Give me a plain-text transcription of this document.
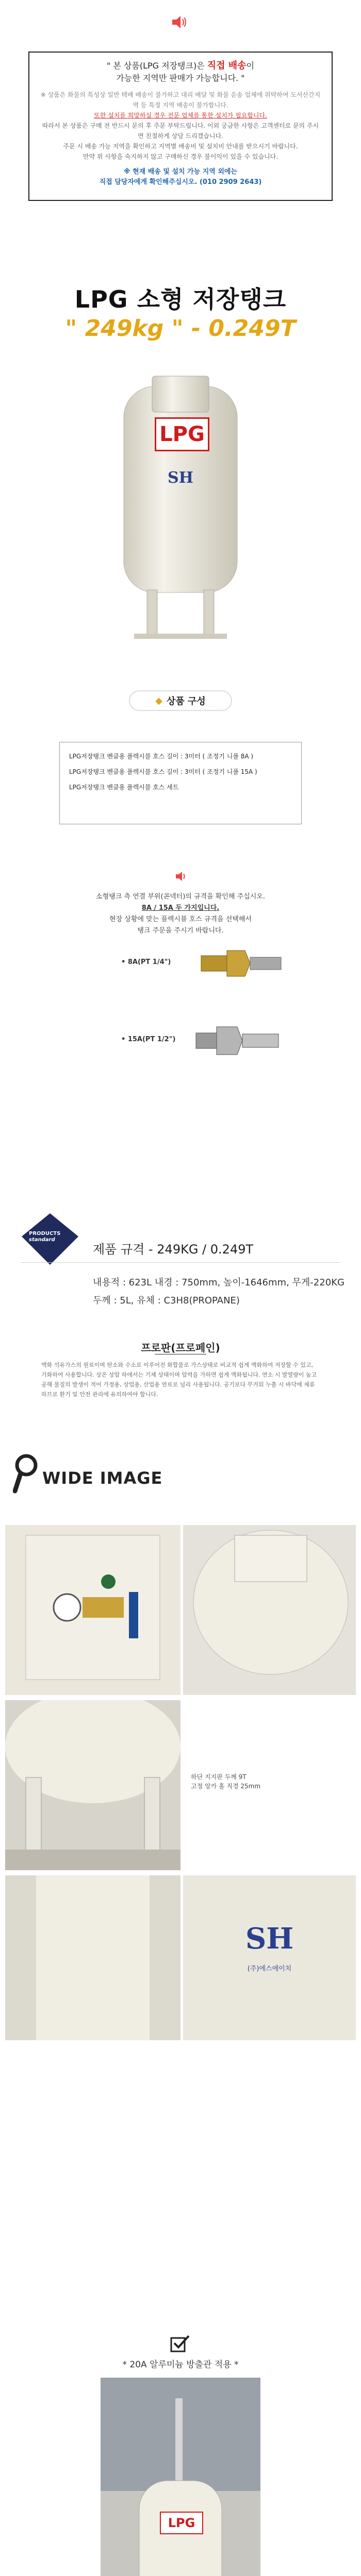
" 본 상품(LPG 저장탱크)은 직접 배송이
가능한 지역만 판매가 가능합니다. "
※ 상품은 화물의 특성상 일반 택배 배송이 불가하고 대리 배달 및 화물 운송 업체에 위탁하여 도서산간지역 등 특정 지역 배송이 불가합니다.
또한 설치를 희망하실 경우 전문 업체를 통한 설치가 필요합니다.
따라서 본 상품은 구매 전 반드시 문의 후 주문 부탁드립니다. 이외 궁금한 사항은 고객센터로 문의 주시면 친절하게 상담 드리겠습니다.
주문 시 배송 가능 지역을 확인하고 지역별 배송비 및 설치비 안내를 받으시기 바랍니다.
만약 위 사항을 숙지하지 않고 구매하신 경우 불이익이 있을 수 있습니다.
※ 현재 배송 및 설치 가능 지역 외에는
직접 담당자에게 확인해주십시오. (010 2909 2643)
LPG 소형 저장탱크
" 249kg " - 0.249T
LPG
SH
◆ 상품 구성
LPG저장탱크 벤클용 플렉시블 호스 길이 : 3미터 ( 조정기 니플 8A )
LPG저장탱크 벤클용 플렉시블 호스 길이 : 3미터 ( 조정기 니플 15A )
LPG저장탱크 벤클용 플렉시블 호스 세트
소형탱크 측 연결 부위(콘넥터)의 규격을 확인해 주십시오.
8A / 15A 두 가지입니다.
현장 상황에 맞는 플렉시블 호스 규격을 선택해서
탱크 주문을 주시기 바랍니다.
• 8A(PT 1/4")
• 15A(PT 1/2")
PRODUCTS
standard
제품 규격 - 249KG / 0.249T
내용적 : 623L 내경 : 750mm, 높이-1646mm, 무게-220KG
두께 : 5L, 유체 : C3H8(PROPANE)
프로판(프로페인)
액화 석유가스의 원료이며 탄소와 수소로 이루어진 화합물로 가스상태로 비교적 쉽게 액화하여 저장할 수 있고, 기화하여 사용합니다. 상온 상압 하에서는 기체 상태이며 압력을 가하면 쉽게 액화됩니다. 연소 시 발열량이 높고 공해 물질의 발생이 적어 가정용, 상업용, 산업용 연료로 널리 사용됩니다. 공기보다 무거워 누출 시 바닥에 체류하므로 환기 및 안전 관리에 유의하여야 합니다.
WIDE IMAGE
하단 지지판 두께 9T
고정 앙카 홀 직경 25mm
SH
(주)에스에이치
* 20A 알루미늄 방출관 적용 *
LPG
